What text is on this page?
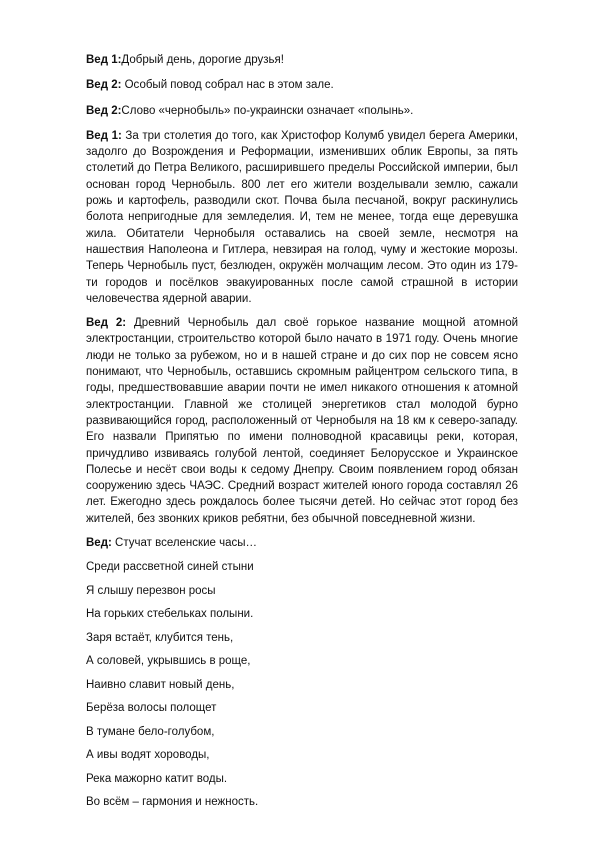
Вед 1:Добрый день, дорогие друзья!

Вед 2: Особый повод собрал нас в этом зале.

Вед 2:Слово «чернобыль» по-украински означает «полынь».

Вед 1: За три столетия до того, как Христофор Колумб увидел берега Америки, задолго до Возрождения и Реформации, изменивших облик Европы, за пять столетий до Петра Великого, расширившего пределы Российской империи, был основан город Чернобыль. 800 лет его жители возделывали землю, сажали рожь и картофель, разводили скот. Почва была песчаной, вокруг раскинулись болота непригодные для земледелия. И, тем не менее, тогда еще деревушка жила. Обитатели Чернобыля оставались на своей земле, несмотря на нашествия Наполеона и Гитлера, невзирая на голод, чуму и жестокие морозы. Теперь Чернобыль пуст, безлюден, окружён молчащим лесом. Это один из 179-ти городов и посёлков эвакуированных после самой страшной в истории человечества ядерной аварии.

Вед 2: Древний Чернобыль дал своё горькое название мощной атомной электростанции, строительство которой было начато в 1971 году. Очень многие люди не только за рубежом, но и в нашей стране и до сих пор не совсем ясно понимают, что Чернобыль, оставшись скромным райцентром сельского типа, в годы, предшествовавшие аварии почти не имел никакого отношения к атомной электростанции. Главной же столицей энергетиков стал молодой бурно развивающийся город, расположенный от Чернобыля на 18 км к северо-западу. Его назвали Припятью по имени полноводной красавицы реки, которая, причудливо извиваясь голубой лентой, соединяет Белорусское и Украинское Полесье и несёт свои воды к седому Днепру. Своим появлением город обязан сооружению здесь ЧАЭС. Средний возраст жителей юного города составлял 26 лет. Ежегодно здесь рождалось более тысячи детей. Но сейчас этот город без жителей, без звонких криков ребятни, без обычной повседневной жизни.

Вед: Стучат вселенские часы…

Среди рассветной синей стыни

Я слышу перезвон росы

На горьких стебельках полыни.

Заря встаёт, клубится тень,

А соловей, укрывшись в роще,

Наивно славит новый день,

Берёза волосы полощет

В тумане бело-голубом,

А ивы водят хороводы,

Река мажорно катит воды.

Во всём – гармония и нежность.
